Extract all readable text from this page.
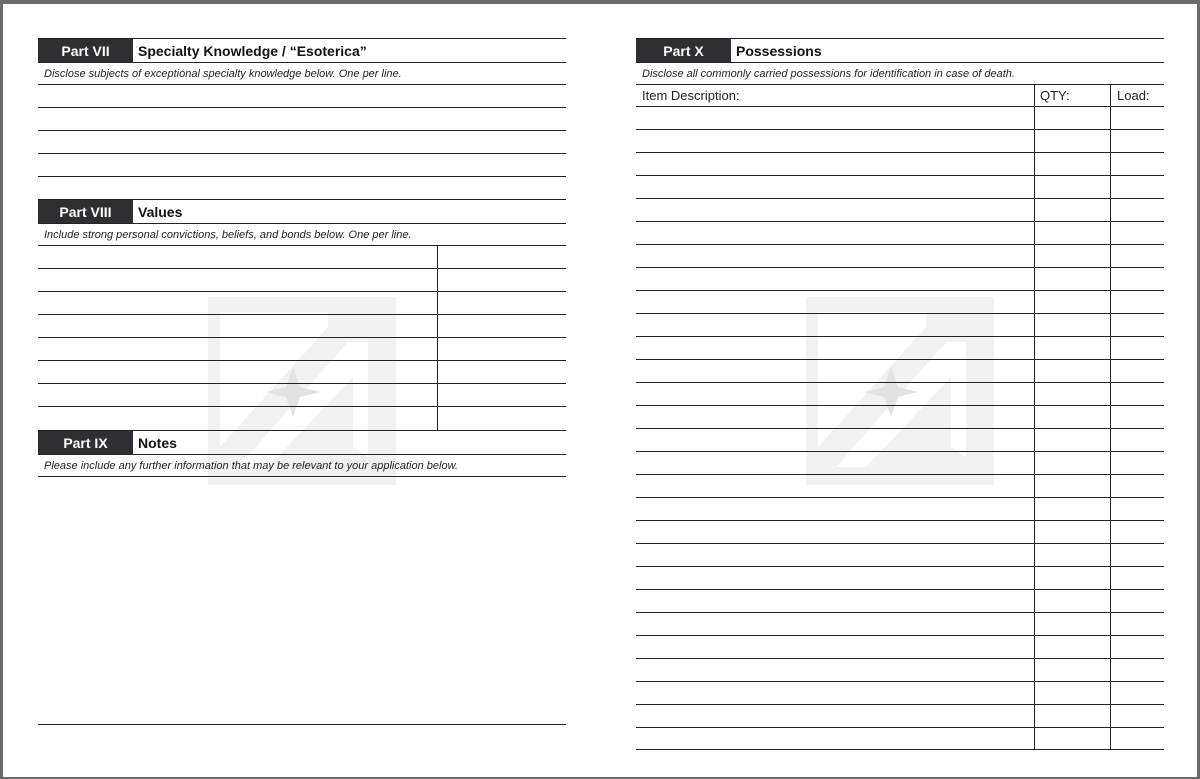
Part VII	Specialty Knowledge / “Esoterica”
Disclose subjects of exceptional specialty knowledge below. One per line.
Part VIII	Values
Include strong personal convictions, beliefs, and bonds below. One per line.
Part IX	Notes
Please include any further information that may be relevant to your application below.
Part X	Possessions
Disclose all commonly carried possessions for identification in case of death.
Item Description:	QTY:	Load:
